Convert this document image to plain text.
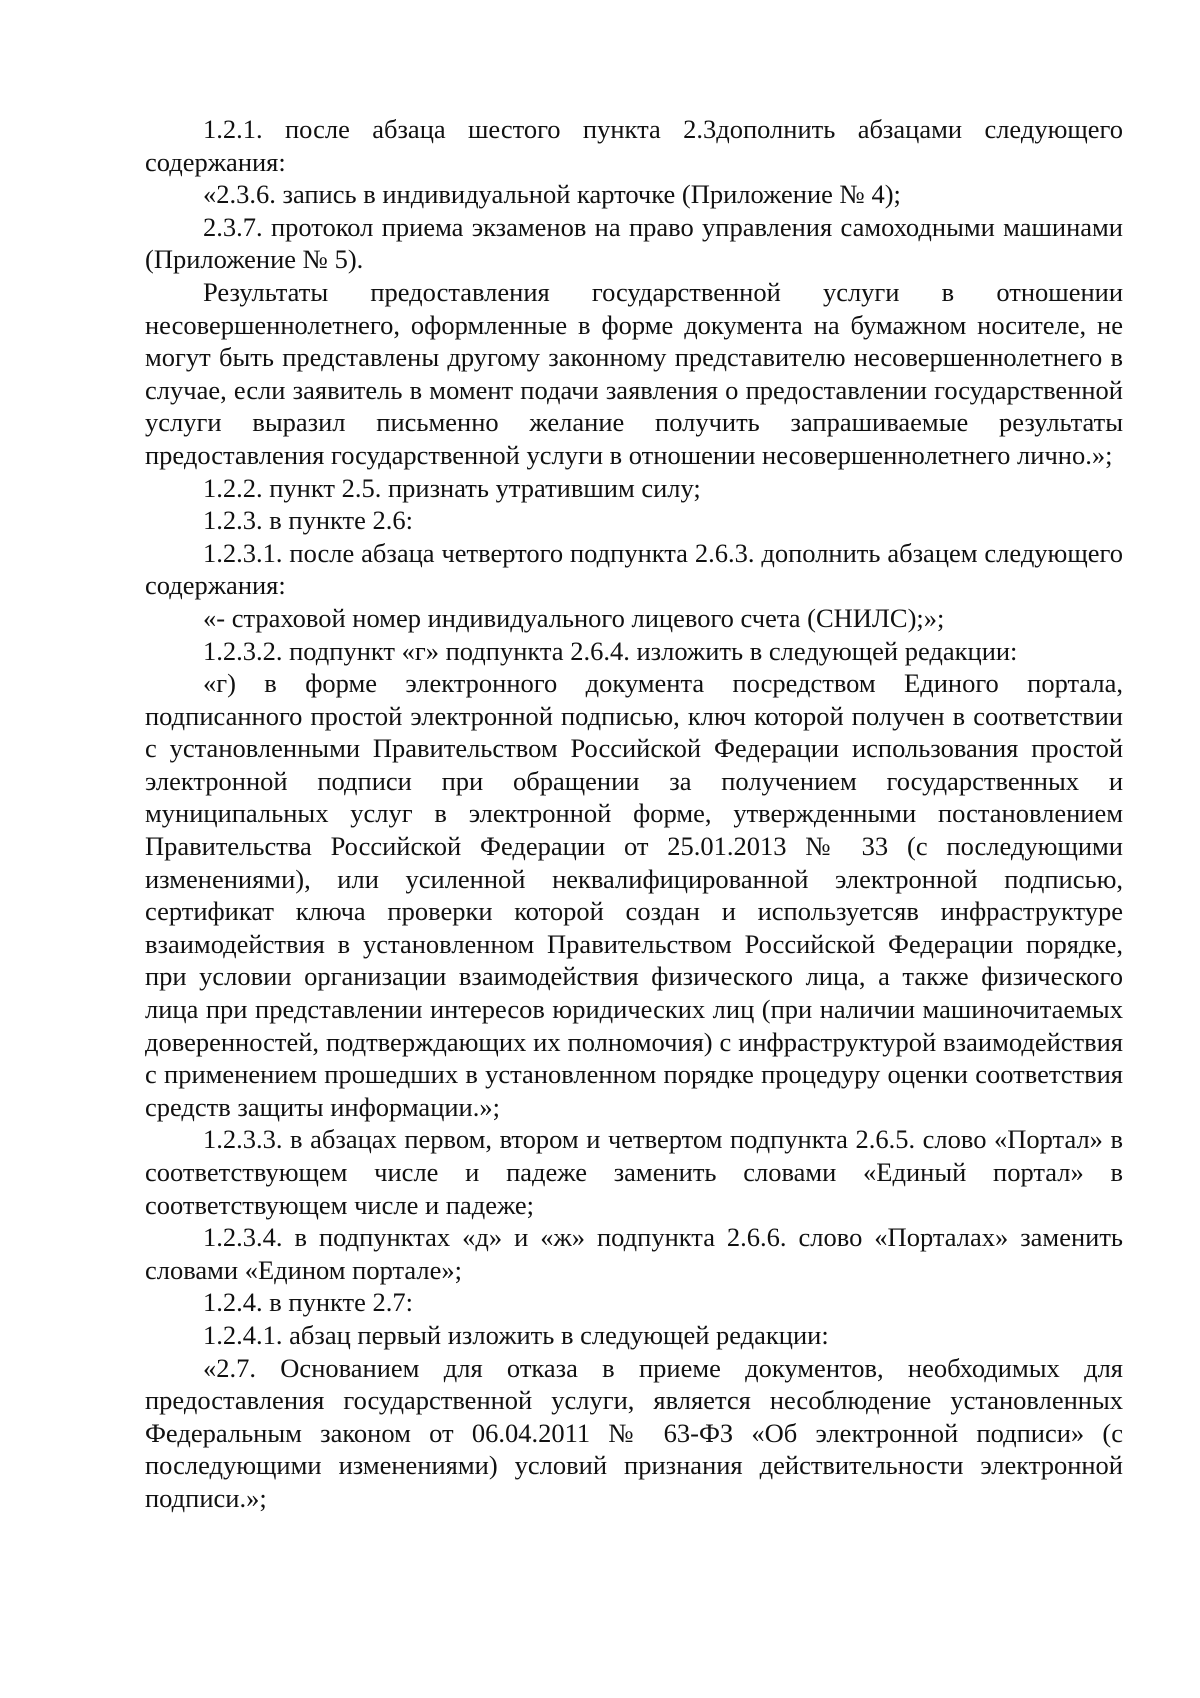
1.2.1. после абзаца шестого пункта 2.3дополнить абзацами следующего содержания:

«2.3.6. запись в индивидуальной карточке (Приложение № 4);

2.3.7. протокол приема экзаменов на право управления самоходными машинами (Приложение № 5).

Результаты предоставления государственной услуги в отношении несовершеннолетнего, оформленные в форме документа на бумажном носителе, не могут быть представлены другому законному представителю несовершеннолетнего в случае, если заявитель в момент подачи заявления о предоставлении государственной услуги выразил письменно желание получить запрашиваемые результаты предоставления государственной услуги в отношении несовершеннолетнего лично.»;

1.2.2. пункт 2.5. признать утратившим силу;

1.2.3. в пункте 2.6:

1.2.3.1. после абзаца четвертого подпункта 2.6.3. дополнить абзацем следующего содержания:

«- страховой номер индивидуального лицевого счета (СНИЛС);»;

1.2.3.2. подпункт «г» подпункта 2.6.4. изложить в следующей редакции:

«г) в форме электронного документа посредством Единого портала, подписанного простой электронной подписью, ключ которой получен в соответствии с установленными Правительством Российской Федерации использования простой электронной подписи при обращении за получением государственных и муниципальных услуг в электронной форме, утвержденными постановлением Правительства Российской Федерации от 25.01.2013 № 33 (с последующими изменениями), или усиленной неквалифицированной электронной подписью, сертификат ключа проверки которой создан и используетсяв инфраструктуре взаимодействия в установленном Правительством Российской Федерации порядке, при условии организации взаимодействия физического лица, а также физического лица при представлении интересов юридических лиц (при наличии машиночитаемых доверенностей, подтверждающих их полномочия) с инфраструктурой взаимодействия с применением прошедших в установленном порядке процедуру оценки соответствия средств защиты информации.»;

1.2.3.3. в абзацах первом, втором и четвертом подпункта 2.6.5. слово «Портал» в соответствующем числе и падеже заменить словами «Единый портал» в соответствующем числе и падеже;

1.2.3.4. в подпунктах «д» и «ж» подпункта 2.6.6. слово «Порталах» заменить словами «Едином портале»;

1.2.4. в пункте 2.7:

1.2.4.1. абзац первый изложить в следующей редакции:

«2.7. Основанием для отказа в приеме документов, необходимых для предоставления государственной услуги, является несоблюдение установленных Федеральным законом от 06.04.2011 № 63-ФЗ «Об электронной подписи» (с последующими изменениями) условий признания действительности электронной подписи.»;
